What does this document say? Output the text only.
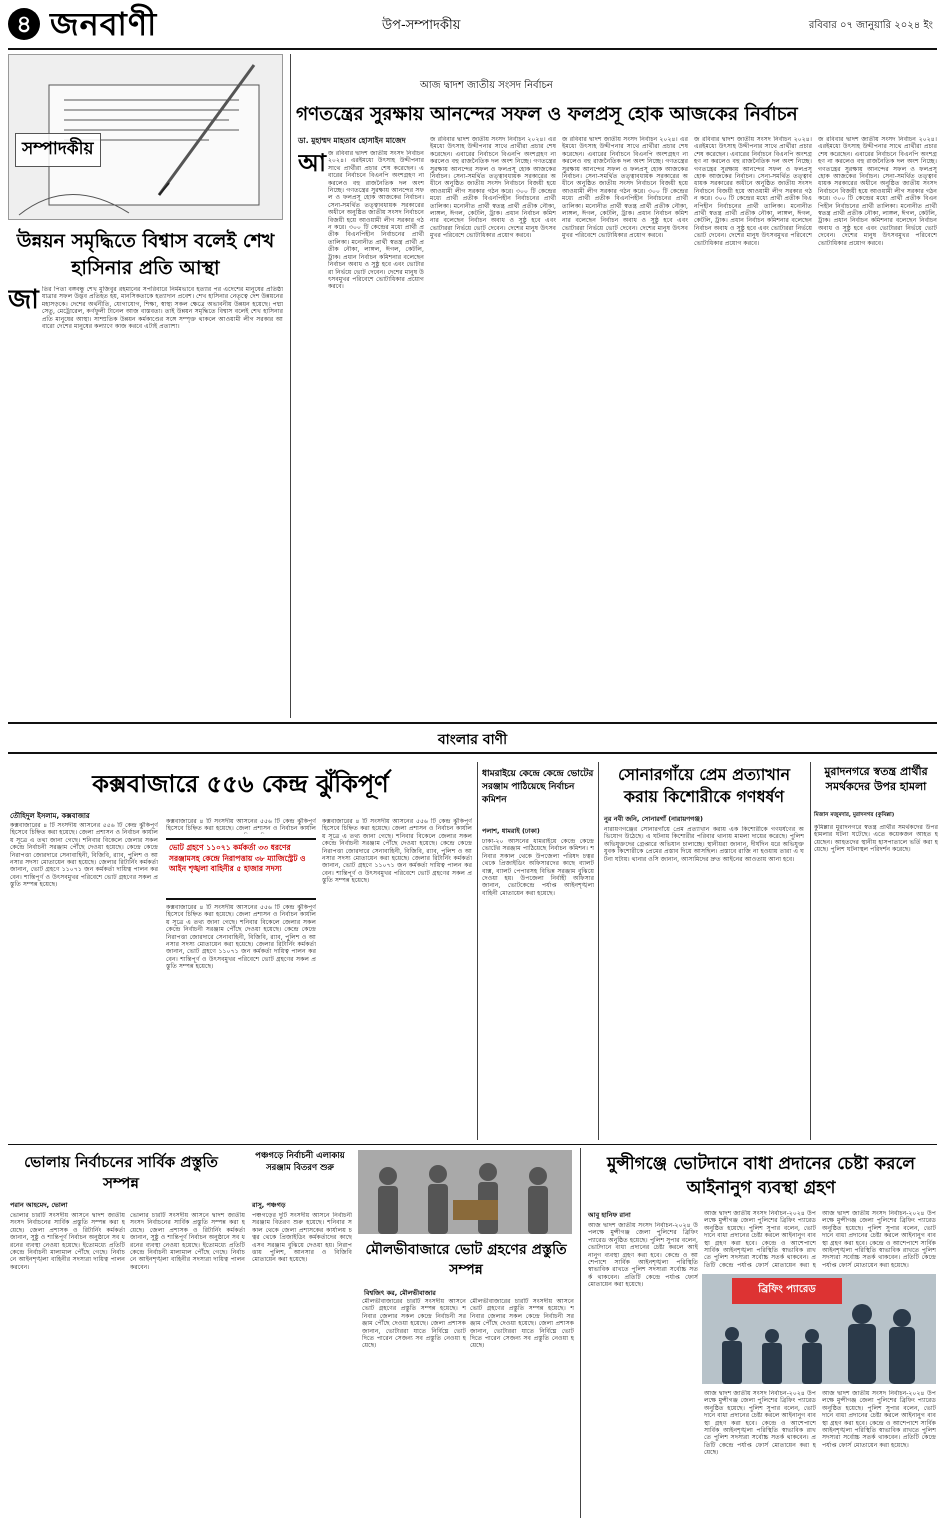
৪ জনবাণী	উপ-সম্পাদকীয়	রবিবার ০৭ জানুয়ারি ২০২৪ ইং
সম্পাদকীয়
উন্নয়ন সমৃদ্ধিতে বিশ্বাস বলেই শেখ হাসিনার প্রতি আস্থা
জা তির পিতা বঙ্গবন্ধু শেখ মুজিবুর রহমানের সপরিবারে নির্মমভাবে হত্যার পর এদেশের মানুষের প্রতিষ্ঠা যাত্রার সফল উদ্ভব প্রতিহত হয়, মানসিকতাকে হত্যাদান প্রবেশ। শেখ হাসিনার নেতৃত্বে দেশ উন্নয়নের মহাসড়কে। দেশের অর্থনীতি, যোগাযোগ, শিক্ষা, স্বাস্থ্য সকল ক্ষেত্রে অভাবনীয় উন্নয়ন হয়েছে। পদ্মা সেতু, মেট্রোরেল, কর্ণফুলী টানেল আজ বাস্তবতা। তাই উন্নয়ন সমৃদ্ধিতে বিশ্বাস বলেই শেখ হাসিনার প্রতি মানুষের আস্থা। সাম্প্রতিক উন্নয়ন কর্মকাণ্ডের সঙ্গে সম্পৃক্ত থাকলে আওয়ামী লীগ সরকার আবারো দেশের মানুষের কল্যাণে কাজ করবে এটাই প্রত্যাশা।
আজ দ্বাদশ জাতীয় সংসদ নির্বাচন
গণতন্ত্রের সুরক্ষায় আনন্দের সফল ও ফলপ্রসূ হোক আজকের নির্বাচন
ডা. মুহাম্মদ মাহতাব হোসাইন মাজেদ
আ জ রবিবার দ্বাদশ জাতীয় সংসদ নির্বাচন ২০২৪। এরইমধ্যে উৎসাহ উদ্দীপনার সাথে প্রার্থীরা প্রচার শেষ করেছেন। এবারের নির্বাচনে বিএনপি অংশগ্রহণ না করলেও বহু রাজনৈতিক দল অংশ নিচ্ছে। গণতন্ত্রের সুরক্ষায় আনন্দের সফল ও ফলপ্রসূ হোক আজকের নির্বাচন। সেনা-সমর্থিত তত্ত্বাবধায়ক সরকারের অধীনে অনুষ্ঠিত জাতীয় সংসদ নির্বাচনে বিজয়ী হয়ে আওয়ামী লীগ সরকার গঠন করে। ৩০০ টি কেন্দ্রের মধ্যে প্রার্থী প্রতীক বিএনপিহীন নির্বাচনের প্রার্থী তালিকা। মনোনীত প্রার্থী স্বতন্ত্র প্রার্থী প্রতীক নৌকা, লাঙ্গল, ঈগল, কেটলি, ট্রাক। প্রধান নির্বাচন কমিশনার বলেছেন নির্বাচন অবাধ ও সুষ্ঠু হবে এবং ভোটাররা নির্ভয়ে ভোট দেবেন। দেশের মানুষ উৎসবমুখর পরিবেশে ভোটাধিকার প্রয়োগ করবে।
জ রবিবার দ্বাদশ জাতীয় সংসদ নির্বাচন ২০২৪। এরইমধ্যে উৎসাহ উদ্দীপনার সাথে প্রার্থীরা প্রচার শেষ করেছেন। এবারের নির্বাচনে বিএনপি অংশগ্রহণ না করলেও বহু রাজনৈতিক দল অংশ নিচ্ছে। গণতন্ত্রের সুরক্ষায় আনন্দের সফল ও ফলপ্রসূ হোক আজকের নির্বাচন। সেনা-সমর্থিত তত্ত্বাবধায়ক সরকারের অধীনে অনুষ্ঠিত জাতীয় সংসদ নির্বাচনে বিজয়ী হয়ে আওয়ামী লীগ সরকার গঠন করে। ৩০০ টি কেন্দ্রের মধ্যে প্রার্থী প্রতীক বিএনপিহীন নির্বাচনের প্রার্থী তালিকা। মনোনীত প্রার্থী স্বতন্ত্র প্রার্থী প্রতীক নৌকা, লাঙ্গল, ঈগল, কেটলি, ট্রাক। প্রধান নির্বাচন কমিশনার বলেছেন নির্বাচন অবাধ ও সুষ্ঠু হবে এবং ভোটাররা নির্ভয়ে ভোট দেবেন। দেশের মানুষ উৎসবমুখর পরিবেশে ভোটাধিকার প্রয়োগ করবে।
জ রবিবার দ্বাদশ জাতীয় সংসদ নির্বাচন ২০২৪। এরইমধ্যে উৎসাহ উদ্দীপনার সাথে প্রার্থীরা প্রচার শেষ করেছেন। এবারের নির্বাচনে বিএনপি অংশগ্রহণ না করলেও বহু রাজনৈতিক দল অংশ নিচ্ছে। গণতন্ত্রের সুরক্ষায় আনন্দের সফল ও ফলপ্রসূ হোক আজকের নির্বাচন। সেনা-সমর্থিত তত্ত্বাবধায়ক সরকারের অধীনে অনুষ্ঠিত জাতীয় সংসদ নির্বাচনে বিজয়ী হয়ে আওয়ামী লীগ সরকার গঠন করে। ৩০০ টি কেন্দ্রের মধ্যে প্রার্থী প্রতীক বিএনপিহীন নির্বাচনের প্রার্থী তালিকা। মনোনীত প্রার্থী স্বতন্ত্র প্রার্থী প্রতীক নৌকা, লাঙ্গল, ঈগল, কেটলি, ট্রাক। প্রধান নির্বাচন কমিশনার বলেছেন নির্বাচন অবাধ ও সুষ্ঠু হবে এবং ভোটাররা নির্ভয়ে ভোট দেবেন। দেশের মানুষ উৎসবমুখর পরিবেশে ভোটাধিকার প্রয়োগ করবে।
জ রবিবার দ্বাদশ জাতীয় সংসদ নির্বাচন ২০২৪। এরইমধ্যে উৎসাহ উদ্দীপনার সাথে প্রার্থীরা প্রচার শেষ করেছেন। এবারের নির্বাচনে বিএনপি অংশগ্রহণ না করলেও বহু রাজনৈতিক দল অংশ নিচ্ছে। গণতন্ত্রের সুরক্ষায় আনন্দের সফল ও ফলপ্রসূ হোক আজকের নির্বাচন। সেনা-সমর্থিত তত্ত্বাবধায়ক সরকারের অধীনে অনুষ্ঠিত জাতীয় সংসদ নির্বাচনে বিজয়ী হয়ে আওয়ামী লীগ সরকার গঠন করে। ৩০০ টি কেন্দ্রের মধ্যে প্রার্থী প্রতীক বিএনপিহীন নির্বাচনের প্রার্থী তালিকা। মনোনীত প্রার্থী স্বতন্ত্র প্রার্থী প্রতীক নৌকা, লাঙ্গল, ঈগল, কেটলি, ট্রাক। প্রধান নির্বাচন কমিশনার বলেছেন নির্বাচন অবাধ ও সুষ্ঠু হবে এবং ভোটাররা নির্ভয়ে ভোট দেবেন। দেশের মানুষ উৎসবমুখর পরিবেশে ভোটাধিকার প্রয়োগ করবে।
জ রবিবার দ্বাদশ জাতীয় সংসদ নির্বাচন ২০২৪। এরইমধ্যে উৎসাহ উদ্দীপনার সাথে প্রার্থীরা প্রচার শেষ করেছেন। এবারের নির্বাচনে বিএনপি অংশগ্রহণ না করলেও বহু রাজনৈতিক দল অংশ নিচ্ছে। গণতন্ত্রের সুরক্ষায় আনন্দের সফল ও ফলপ্রসূ হোক আজকের নির্বাচন। সেনা-সমর্থিত তত্ত্বাবধায়ক সরকারের অধীনে অনুষ্ঠিত জাতীয় সংসদ নির্বাচনে বিজয়ী হয়ে আওয়ামী লীগ সরকার গঠন করে। ৩০০ টি কেন্দ্রের মধ্যে প্রার্থী প্রতীক বিএনপিহীন নির্বাচনের প্রার্থী তালিকা। মনোনীত প্রার্থী স্বতন্ত্র প্রার্থী প্রতীক নৌকা, লাঙ্গল, ঈগল, কেটলি, ট্রাক। প্রধান নির্বাচন কমিশনার বলেছেন নির্বাচন অবাধ ও সুষ্ঠু হবে এবং ভোটাররা নির্ভয়ে ভোট দেবেন। দেশের মানুষ উৎসবমুখর পরিবেশে ভোটাধিকার প্রয়োগ করবে।
বাংলার বাণী
কক্সবাজারে ৫৫৬ কেন্দ্র ঝুঁকিপূর্ণ
তৌহিদুল ইসলাম, কক্সবাজার
কক্সবাজারের ৪ টি সংসদীয় আসনের ৫৫৬ টি কেন্দ্র ঝুঁকিপূর্ণ হিসেবে চিহ্নিত করা হয়েছে। জেলা প্রশাসন ও নির্বাচন কার্যালয় সূত্রে এ তথ্য জানা গেছে। শনিবার বিকেলে জেলার সকল কেন্দ্রে নির্বাচনী সরঞ্জাম পৌঁছে দেওয়া হয়েছে। কেন্দ্রে কেন্দ্রে নিরাপত্তা জোরদারে সেনাবাহিনী, বিজিবি, র‍্যাব, পুলিশ ও আনসার সদস্য মোতায়েন করা হয়েছে। জেলার রিটার্নিং কর্মকর্তা জানান, ভোট গ্রহণে ১১০৭১ জন কর্মকর্তা দায়িত্ব পালন করবেন। শান্তিপূর্ণ ও উৎসবমুখর পরিবেশে ভোট গ্রহণের সকল প্রস্তুতি সম্পন্ন হয়েছে।
ভোট গ্রহণে ১১০৭১ কর্মকর্তা ৩৩ ধরণের সরঞ্জামসহ কেন্দ্রে নিরাপত্তায় ৩৮ ম্যাজিস্ট্রেট ও আইন শৃঙ্খলা বাহিনীর ৫ হাজার সদস্য
কক্সবাজারের ৪ টি সংসদীয় আসনের ৫৫৬ টি কেন্দ্র ঝুঁকিপূর্ণ হিসেবে চিহ্নিত করা হয়েছে। জেলা প্রশাসন ও নির্বাচন কার্যাল
কক্সবাজারের ৪ টি সংসদীয় আসনের ৫৫৬ টি কেন্দ্র ঝুঁকিপূর্ণ হিসেবে চিহ্নিত করা হয়েছে। জেলা প্রশাসন ও নির্বাচন কার্যালয় সূত্রে এ তথ্য জানা গেছে। শনিবার বিকেলে জেলার সকল কেন্দ্রে নির্বাচনী সরঞ্জাম পৌঁছে দেওয়া হয়েছে। কেন্দ্রে কেন্দ্রে নিরাপত্তা জোরদারে সেনাবাহিনী, বিজিবি, র‍্যাব, পুলিশ ও আনসার সদস্য মোতায়েন করা হয়েছে। জেলার রিটার্নিং কর্মকর্তা জানান, ভোট গ্রহণে ১১০৭১ জন কর্মকর্তা দায়িত্ব পালন করবেন। শান্তিপূর্ণ ও উৎসবমুখর পরিবেশে ভোট গ্রহণের সকল প্রস্তুতি সম্পন্ন হয়েছে।
কক্সবাজারের ৪ টি সংসদীয় আসনের ৫৫৬ টি কেন্দ্র ঝুঁকিপূর্ণ হিসেবে চিহ্নিত করা হয়েছে। জেলা প্রশাসন ও নির্বাচন কার্যালয় সূত্রে এ তথ্য জানা গেছে। শনিবার বিকেলে জেলার সকল কেন্দ্রে নির্বাচনী সরঞ্জাম পৌঁছে দেওয়া হয়েছে। কেন্দ্রে কেন্দ্রে নিরাপত্তা জোরদারে সেনাবাহিনী, বিজিবি, র‍্যাব, পুলিশ ও আনসার সদস্য মোতায়েন করা হয়েছে। জেলার রিটার্নিং কর্মকর্তা জানান, ভোট গ্রহণে ১১০৭১ জন কর্মকর্তা দায়িত্ব পালন করবেন। শান্তিপূর্ণ ও উৎসবমুখর পরিবেশে ভোট গ্রহণের সকল প্রস্তুতি সম্পন্ন হয়েছে।
ধামরাইয়ে কেন্দ্রে কেন্দ্রে ভোটের সরঞ্জাম পাঠিয়েছে নির্বাচন কমিশন
পলাশ, ধামরাই (ঢাকা)
ঢাকা-২০ আসনের ধামরাইয়ে কেন্দ্রে কেন্দ্রে ভোটের সরঞ্জাম পাঠিয়েছে নির্বাচন কমিশন। শনিবার সকাল থেকে উপজেলা পরিষদ চত্বর থেকে প্রিজাইডিং অফিসারদের কাছে ব্যালট বাক্স, ব্যালট পেপারসহ বিভিন্ন সরঞ্জাম বুঝিয়ে দেওয়া হয়। উপজেলা নির্বাহী অফিসার জানান, ভোটকেন্দ্রে পর্যাপ্ত আইনশৃঙ্খলা বাহিনী মোতায়েন করা হয়েছে।
সোনারগাঁয়ে প্রেম প্রত্যাখান করায় কিশোরীকে গণধর্ষণ
নুর নবী জনি, সোনারগাঁ (নারায়ণগঞ্জ)
নারায়ণগঞ্জের সোনারগাঁয়ে প্রেম প্রত্যাখান করায় এক কিশোরীকে গণধর্ষণের অভিযোগ উঠেছে। এ ঘটনায় কিশোরীর পরিবার থানায় মামলা দায়ের করেছে। পুলিশ অভিযুক্তদের গ্রেপ্তারে অভিযান চালাচ্ছে। স্থানীয়রা জানান, দীর্ঘদিন ধরে অভিযুক্ত যুবক কিশোরীকে প্রেমের প্রস্তাব দিয়ে আসছিল। প্রস্তাবে রাজি না হওয়ায় তারা এ ঘটনা ঘটায়। থানার ওসি জানান, আসামিদের দ্রুত আইনের আওতায় আনা হবে।
মুরাদনগরে স্বতন্ত্র প্রার্থীর সমর্থকদের উপর হামলা
মিজান মজুমদার, মুরাদনগর (কুমিল্লা)
কুমিল্লার মুরাদনগরে স্বতন্ত্র প্রার্থীর সমর্থকদের উপর হামলার ঘটনা ঘটেছে। এতে কয়েকজন আহত হয়েছেন। আহতদের স্থানীয় হাসপাতালে ভর্তি করা হয়েছে। পুলিশ ঘটনাস্থল পরিদর্শন করেছে।
ভোলায় নির্বাচনের সার্বিক প্রস্তুতি সম্পন্ন
পরান আহমেদ, ভোলা
ভোলার চারটি সংসদীয় আসনে দ্বাদশ জাতীয় সংসদ নির্বাচনের সার্বিক প্রস্তুতি সম্পন্ন করা হয়েছে। জেলা প্রশাসক ও রিটার্নিং কর্মকর্তা জানান, সুষ্ঠু ও শান্তিপূর্ণ নির্বাচন অনুষ্ঠানে সব ধরনের ব্যবস্থা নেওয়া হয়েছে। ইতোমধ্যে প্রতিটি কেন্দ্রে নির্বাচনী মালামাল পৌঁছে গেছে। নির্বাচনে আইনশৃঙ্খলা বাহিনীর সদস্যরা দায়িত্ব পালন করবেন।
ভোলার চারটি সংসদীয় আসনে দ্বাদশ জাতীয় সংসদ নির্বাচনের সার্বিক প্রস্তুতি সম্পন্ন করা হয়েছে। জেলা প্রশাসক ও রিটার্নিং কর্মকর্তা জানান, সুষ্ঠু ও শান্তিপূর্ণ নির্বাচন অনুষ্ঠানে সব ধরনের ব্যবস্থা নেওয়া হয়েছে। ইতোমধ্যে প্রতিটি কেন্দ্রে নির্বাচনী মালামাল পৌঁছে গেছে। নির্বাচনে আইনশৃঙ্খলা বাহিনীর সদস্যরা দায়িত্ব পালন করবেন।
পঞ্চগড়ে নির্বাচনী এলাকায় সরঞ্জাম বিতরণ শুরু
রাসু, পঞ্চগড়
পঞ্চগড়ের দুটি সংসদীয় আসনে নির্বাচনী সরঞ্জাম বিতরণ শুরু হয়েছে। শনিবার সকাল থেকে জেলা প্রশাসকের কার্যালয় চত্বর থেকে প্রিজাইডিং কর্মকর্তাদের কাছে এসব সরঞ্জাম বুঝিয়ে দেওয়া হয়। নিরাপত্তায় পুলিশ, আনসার ও বিজিবি মোতায়েন করা হয়েছে।
মৌলভীবাজারে ভোট গ্রহণের প্রস্তুতি সম্পন্ন
বিশ্বজিৎ কর, মৌলভীবাজার
মৌলভীবাজারের চারটি সংসদীয় আসনে ভোট গ্রহণের প্রস্তুতি সম্পন্ন হয়েছে। শনিবার জেলার সকল কেন্দ্রে নির্বাচনী সরঞ্জাম পৌঁছে দেওয়া হয়েছে। জেলা প্রশাসক জানান, ভোটাররা যাতে নির্বিঘ্নে ভোট দিতে পারেন সেজন্য সব প্রস্তুতি নেওয়া হয়েছে।
মৌলভীবাজারের চারটি সংসদীয় আসনে ভোট গ্রহণের প্রস্তুতি সম্পন্ন হয়েছে। শনিবার জেলার সকল কেন্দ্রে নির্বাচনী সরঞ্জাম পৌঁছে দেওয়া হয়েছে। জেলা প্রশাসক জানান, ভোটাররা যাতে নির্বিঘ্নে ভোট দিতে পারেন সেজন্য সব প্রস্তুতি নেওয়া হয়েছে।
মুন্সীগঞ্জে ভোটদানে বাধা প্রদানের চেষ্টা করলে আইনানুগ ব্যবস্থা গ্রহণ
আবু হানিফ রানা
আজ দ্বাদশ জাতীয় সংসদ নির্বাচন-২০২৪ উপলক্ষে মুন্সীগঞ্জ জেলা পুলিশের ব্রিফিং প্যারেড অনুষ্ঠিত হয়েছে। পুলিশ সুপার বলেন, ভোটদানে বাধা প্রদানের চেষ্টা করলে আইনানুগ ব্যবস্থা গ্রহণ করা হবে। কেন্দ্রে ও আশেপাশে সার্বিক আইনশৃঙ্খলা পরিস্থিতি স্বাভাবিক রাখতে পুলিশ সদস্যরা সর্বোচ্চ সতর্ক থাকবেন। প্রতিটি কেন্দ্রে পর্যাপ্ত ফোর্স মোতায়েন করা হয়েছে।
আজ দ্বাদশ জাতীয় সংসদ নির্বাচন-২০২৪ উপলক্ষে মুন্সীগঞ্জ জেলা পুলিশের ব্রিফিং প্যারেড অনুষ্ঠিত হয়েছে। পুলিশ সুপার বলেন, ভোটদানে বাধা প্রদানের চেষ্টা করলে আইনানুগ ব্যবস্থা গ্রহণ করা হবে। কেন্দ্রে ও আশেপাশে সার্বিক আইনশৃঙ্খলা পরিস্থিতি স্বাভাবিক রাখতে পুলিশ সদস্যরা সর্বোচ্চ সতর্ক থাকবেন। প্রতিটি কেন্দ্রে পর্যাপ্ত ফোর্স মোতায়েন করা হ
আজ দ্বাদশ জাতীয় সংসদ নির্বাচন-২০২৪ উপলক্ষে মুন্সীগঞ্জ জেলা পুলিশের ব্রিফিং প্যারেড অনুষ্ঠিত হয়েছে। পুলিশ সুপার বলেন, ভোটদানে বাধা প্রদানের চেষ্টা করলে আইনানুগ ব্যবস্থা গ্রহণ করা হবে। কেন্দ্রে ও আশেপাশে সার্বিক আইনশৃঙ্খলা পরিস্থিতি স্বাভাবিক রাখতে পুলিশ সদস্যরা সর্বোচ্চ সতর্ক থাকবেন। প্রতিটি কেন্দ্রে পর্যাপ্ত ফোর্স মোতায়েন করা হয়েছে।
ব্রিফিং প্যারেড
আজ দ্বাদশ জাতীয় সংসদ নির্বাচন-২০২৪ উপলক্ষে মুন্সীগঞ্জ জেলা পুলিশের ব্রিফিং প্যারেড অনুষ্ঠিত হয়েছে। পুলিশ সুপার বলেন, ভোটদানে বাধা প্রদানের চেষ্টা করলে আইনানুগ ব্যবস্থা গ্রহণ করা হবে। কেন্দ্রে ও আশেপাশে সার্বিক আইনশৃঙ্খলা পরিস্থিতি স্বাভাবিক রাখতে পুলিশ সদস্যরা সর্বোচ্চ সতর্ক থাকবেন। প্রতিটি কেন্দ্রে পর্যাপ্ত ফোর্স মোতায়েন করা হয়েছে।
আজ দ্বাদশ জাতীয় সংসদ নির্বাচন-২০২৪ উপলক্ষে মুন্সীগঞ্জ জেলা পুলিশের ব্রিফিং প্যারেড অনুষ্ঠিত হয়েছে। পুলিশ সুপার বলেন, ভোটদানে বাধা প্রদানের চেষ্টা করলে আইনানুগ ব্যবস্থা গ্রহণ করা হবে। কেন্দ্রে ও আশেপাশে সার্বিক আইনশৃঙ্খলা পরিস্থিতি স্বাভাবিক রাখতে পুলিশ সদস্যরা সর্বোচ্চ সতর্ক থাকবেন। প্রতিটি কেন্দ্রে পর্যাপ্ত ফোর্স মোতায়েন করা হয়েছে।
